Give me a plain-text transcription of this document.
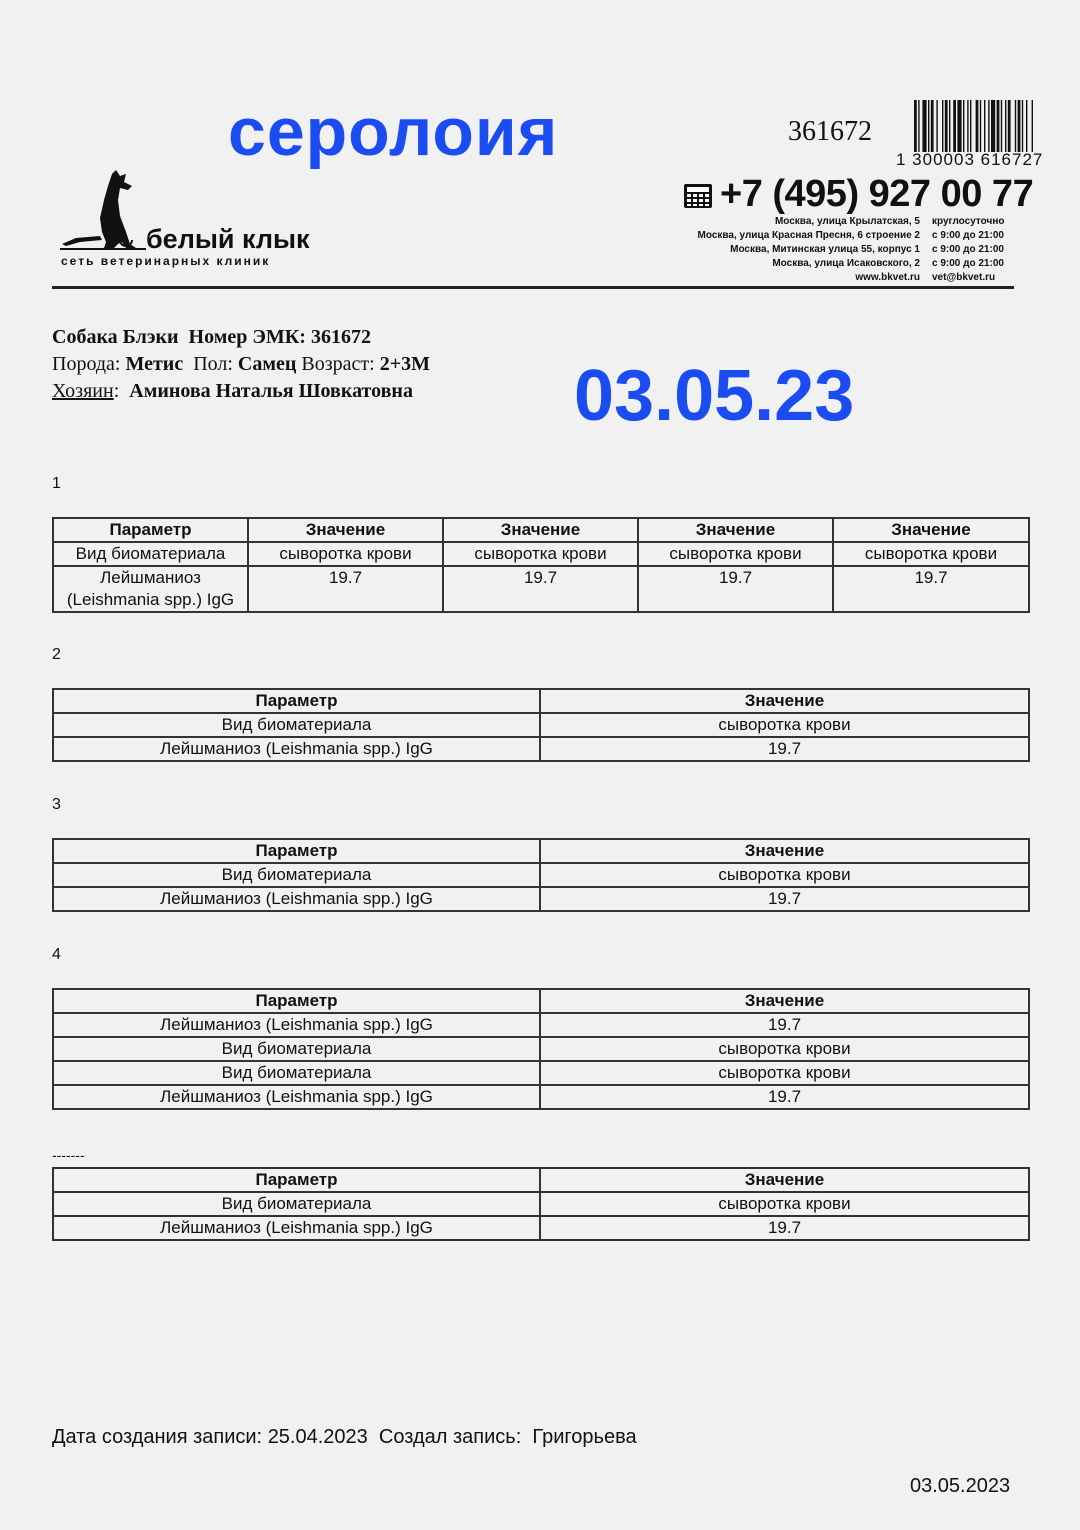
серолоия	361672
1 300003 616727
белый клык
сеть ветеринарных клиник
+7 (495) 927 00 77
Москва, улица Крылатская, 5	круглосуточно
Москва, улица Красная Пресня, 6 строение 2	с 9:00 до 21:00
Москва, Митинская улица 55, корпус 1	с 9:00 до 21:00
Москва, улица Исаковского, 2	с 9:00 до 21:00
www.bkvet.ru	vet@bkvet.ru
Собака Блэки Номер ЭМК: 361672
Порода: Метис Пол: Самец Возраст: 2+3М
Хозяин:  Аминова Наталья Шовкатовна 03.05.23
1
Параметр	Значение	Значение	Значение	Значение
Вид биоматериала	сыворотка крови	сыворотка крови	сыворотка крови	сыворотка крови
Лейшманиоз (Leishmania spp.) IgG	19.7	19.7	19.7	19.7
2
Параметр	Значение
Вид биоматериала	сыворотка крови
Лейшманиоз (Leishmania spp.) IgG	19.7
3
Параметр	Значение
Вид биоматериала	сыворотка крови
Лейшманиоз (Leishmania spp.) IgG	19.7
4
Параметр	Значение
Лейшманиоз (Leishmania spp.) IgG	19.7
Вид биоматериала	сыворотка крови
Вид биоматериала	сыворотка крови
Лейшманиоз (Leishmania spp.) IgG	19.7
-------
Параметр	Значение
Вид биоматериала	сыворотка крови
Лейшманиоз (Leishmania spp.) IgG	19.7
Дата создания записи: 25.04.2023 Создал запись: Григорьева
03.05.2023
